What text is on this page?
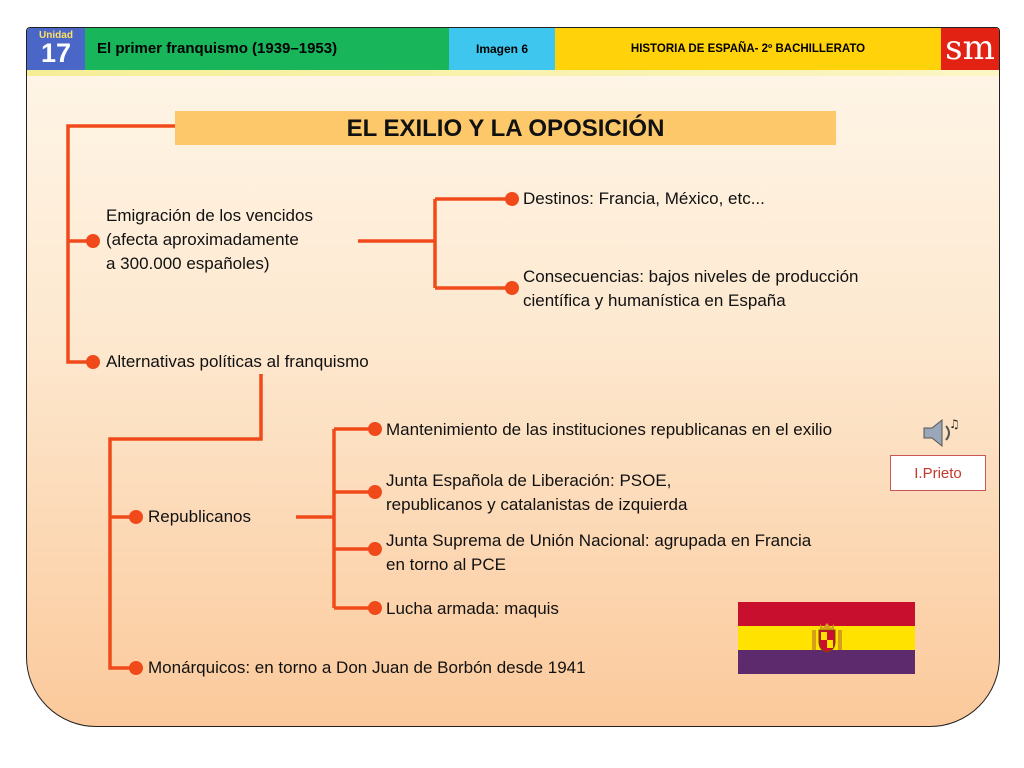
Unidad
17	El primer franquismo (1939–1953)	Imagen 6	HISTORIA DE ESPAÑA- 2º BACHILLERATO	sm
EL EXILIO Y LA OPOSICIÓN
Emigración de los vencidos
(afecta aproximadamente
a 300.000 españoles)
Destinos: Francia, México, etc...
Consecuencias: bajos niveles de producción
científica y humanística en España
Alternativas políticas al franquismo
Republicanos
Mantenimiento de las instituciones republicanas en el exilio
Junta Española de Liberación: PSOE,
republicanos y catalanistas de izquierda
Junta Suprema de Unión Nacional: agrupada en Francia
en torno al PCE
Lucha armada: maquis
Monárquicos: en torno a Don Juan de Borbón desde 1941
♫
I.Prieto
